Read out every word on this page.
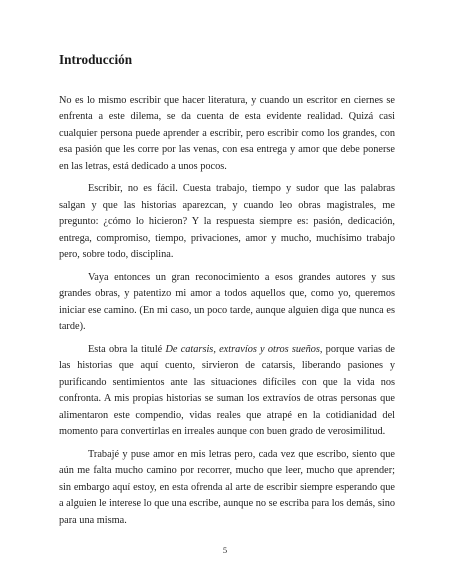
Introducción

No es lo mismo escribir que hacer literatura, y cuando un escritor en ciernes se enfrenta a este dilema, se da cuenta de esta evidente realidad. Quizá casi cualquier persona puede aprender a escribir, pero escribir como los grandes, con esa pasión que les corre por las venas, con esa entrega y amor que debe ponerse en las letras, está dedicado a unos pocos.

Escribir, no es fácil. Cuesta trabajo, tiempo y sudor que las palabras salgan y que las historias aparezcan, y cuando leo obras magistrales, me pregunto: ¿cómo lo hicieron? Y la respuesta siempre es: pasión, dedicación, entrega, compromiso, tiempo, privaciones, amor y mucho, muchísimo trabajo pero, sobre todo, disciplina.

Vaya entonces un gran reconocimiento a esos grandes autores y sus grandes obras, y patentizo mi amor a todos aquellos que, como yo, queremos iniciar ese camino. (En mi caso, un poco tarde, aunque alguien diga que nunca es tarde).

Esta obra la titulé De catarsis, extravíos y otros sueños, porque varias de las historias que aquí cuento, sirvieron de catarsis, liberando pasiones y purificando sentimientos ante las situaciones difíciles con que la vida nos confronta. A mis propias historias se suman los extravíos de otras personas que alimentaron este compendio, vidas reales que atrapé en la cotidianidad del momento para convertirlas en irreales aunque con buen grado de verosimilitud.

Trabajé y puse amor en mis letras pero, cada vez que escribo, siento que aún me falta mucho camino por recorrer, mucho que leer, mucho que aprender; sin embargo aquí estoy, en esta ofrenda al arte de escribir siempre esperando que a alguien le interese lo que una escribe, aunque no se escriba para los demás, sino para una misma.

5
